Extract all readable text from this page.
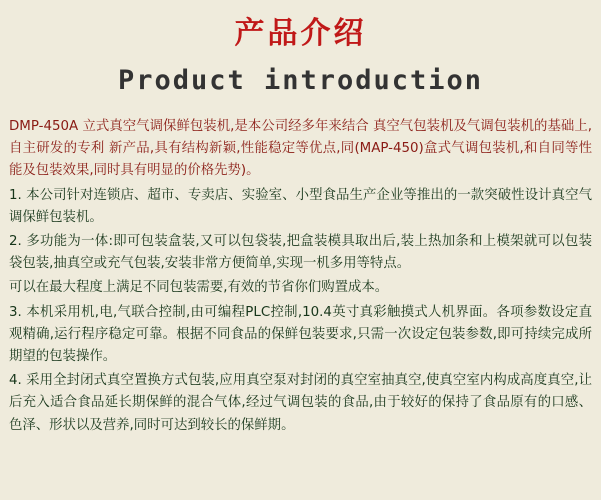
产品介绍
Product introduction

DMP-450A 立式真空气调保鲜包装机,是本公司经多年来结合 真空气包装机及气调包装机的基础上,自主研发的专利 新产品,具有结构新颖,性能稳定等优点,同(MAP-450)盒式气调包装机,和自同等性能及包装效果,同时具有明显的价格先势)。

1. 本公司针对连锁店、超市、专卖店、实验室、小型食品生产企业等推出的一款突破性设计真空气调保鲜包装机。

2. 多功能为一体:即可包装盒装,又可以包袋装,把盒装模具取出后,装上热加条和上模架就可以包装 袋包装,抽真空或充气包装,安装非常方便简单,实现一机多用等特点。

可以在最大程度上满足不同包装需要,有效的节省你们购置成本。

3. 本机采用机,电,气联合控制,由可编程PLC控制,10.4英寸真彩触摸式人机界面。各项参数设定直观精确,运行程序稳定可靠。根据不同食品的保鲜包装要求,只需一次设定包装参数,即可持续完成所期望的包装操作。

4. 采用全封闭式真空置换方式包装,应用真空泵对封闭的真空室抽真空,使真空室内构成高度真空,让后充入适合食品延长期保鲜的混合气体,经过气调包装的食品,由于较好的保持了食品原有的口感、色泽、形状以及营养,同时可达到较长的保鲜期。
